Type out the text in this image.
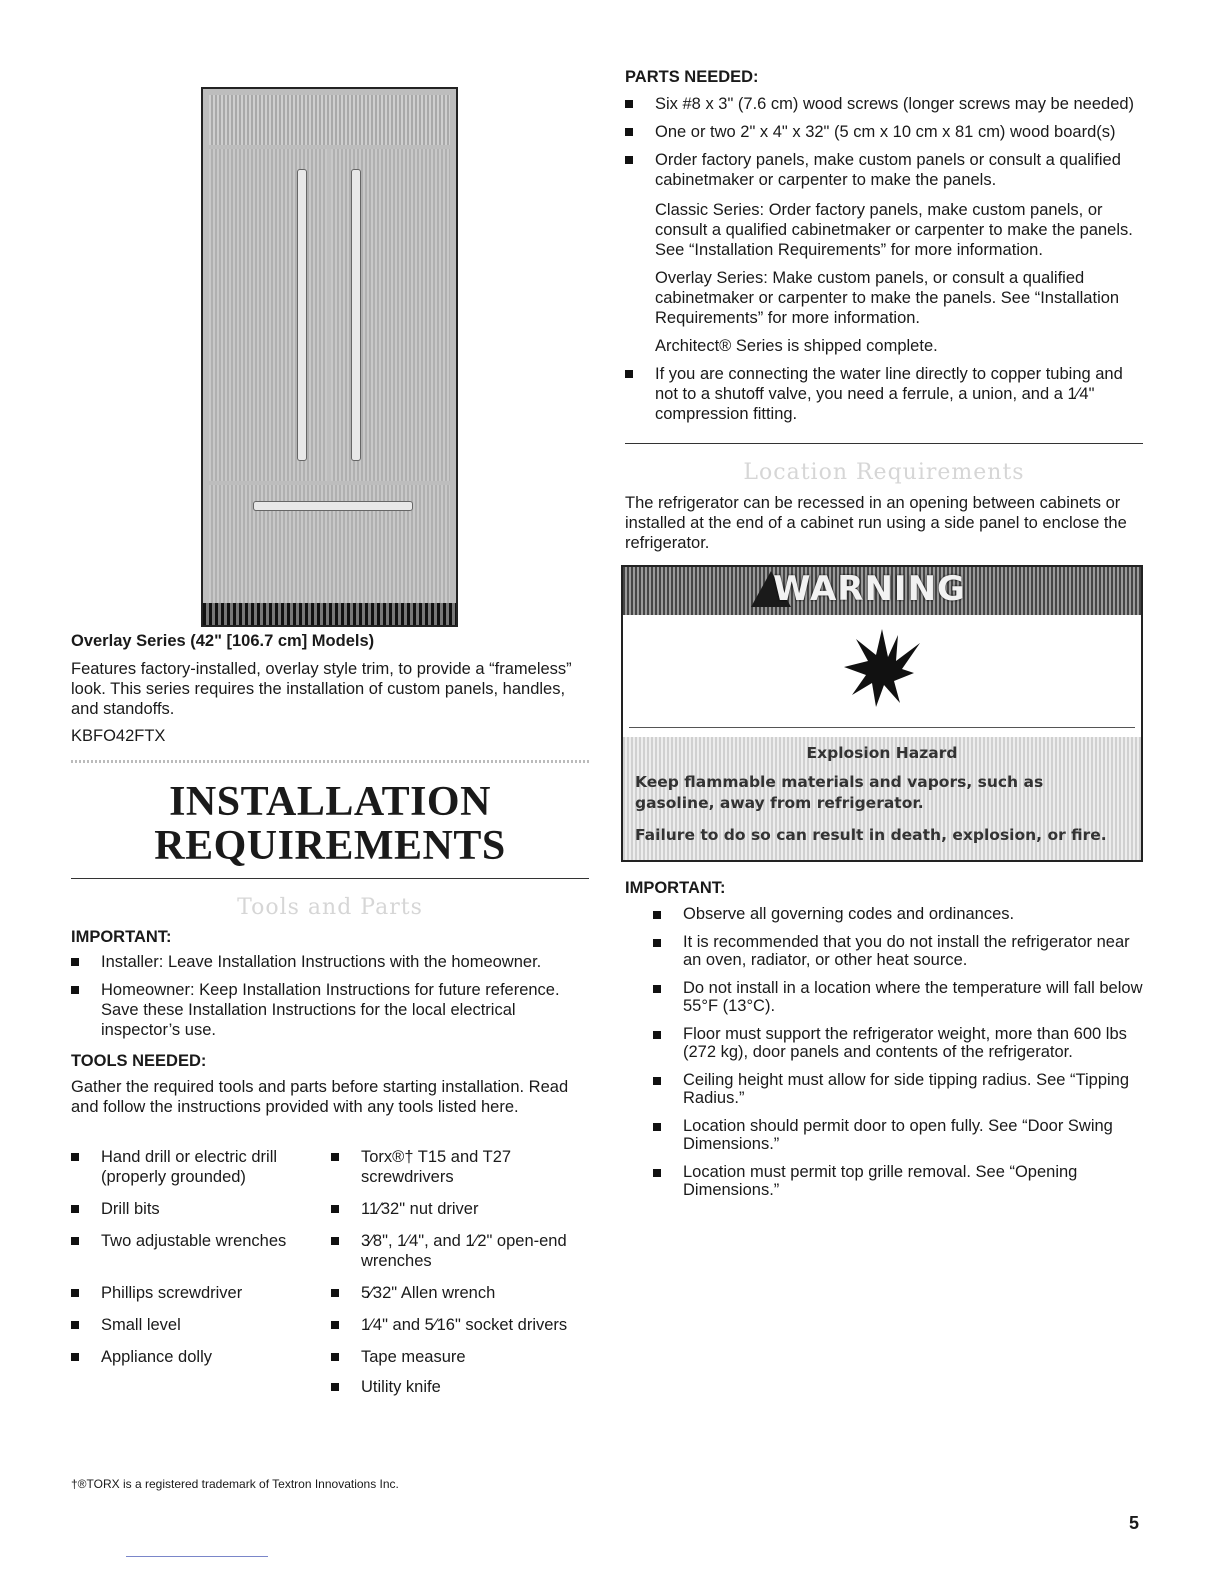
Overlay Series (42" [106.7 cm] Models)
Features factory-installed, overlay style trim, to provide a “frameless” look. This series requires the installation of custom panels, handles, and standoffs.
KBFO42FTX
INSTALLATION
REQUIREMENTS
Tools and Parts
IMPORTANT:
Installer: Leave Installation Instructions with the homeowner.
Homeowner: Keep Installation Instructions for future reference. Save these Installation Instructions for the local electrical inspector’s use.
TOOLS NEEDED:
Gather the required tools and parts before starting installation. Read and follow the instructions provided with any tools listed here.
Hand drill or electric drill (properly grounded)
Drill bits
Two adjustable wrenches
Phillips screwdriver
Small level
Appliance dolly
Torx®† T15 and T27 screwdrivers
11⁄32" nut driver
3⁄8", 1⁄4", and 1⁄2" open-end wrenches
5⁄32" Allen wrench
1⁄4" and 5⁄16" socket drivers
Tape measure
Utility knife
†®TORX is a registered trademark of Textron Innovations Inc.
PARTS NEEDED:
Six #8 x 3" (7.6 cm) wood screws (longer screws may be needed)
One or two 2" x 4" x 32" (5 cm x 10 cm x 81 cm) wood board(s)
Order factory panels, make custom panels or consult a qualified cabinetmaker or carpenter to make the panels.
Classic Series: Order factory panels, make custom panels, or consult a qualified cabinetmaker or carpenter to make the panels. See “Installation Requirements” for more information.
Overlay Series: Make custom panels, or consult a qualified cabinetmaker or carpenter to make the panels. See “Installation Requirements” for more information.
Architect® Series is shipped complete.
If you are connecting the water line directly to copper tubing and not to a shutoff valve, you need a ferrule, a union, and a 1⁄4" compression fitting.
Location Requirements
The refrigerator can be recessed in an opening between cabinets or installed at the end of a cabinet run using a side panel to enclose the refrigerator.
WARNING
Explosion Hazard
Keep flammable materials and vapors, such as gasoline, away from refrigerator.
Failure to do so can result in death, explosion, or fire.
IMPORTANT:
Observe all governing codes and ordinances.
It is recommended that you do not install the refrigerator near an oven, radiator, or other heat source.
Do not install in a location where the temperature will fall below 55°F (13°C).
Floor must support the refrigerator weight, more than 600 lbs (272 kg), door panels and contents of the refrigerator.
Ceiling height must allow for side tipping radius. See “Tipping Radius.”
Location should permit door to open fully. See “Door Swing Dimensions.”
Location must permit top grille removal. See “Opening Dimensions.”
5
